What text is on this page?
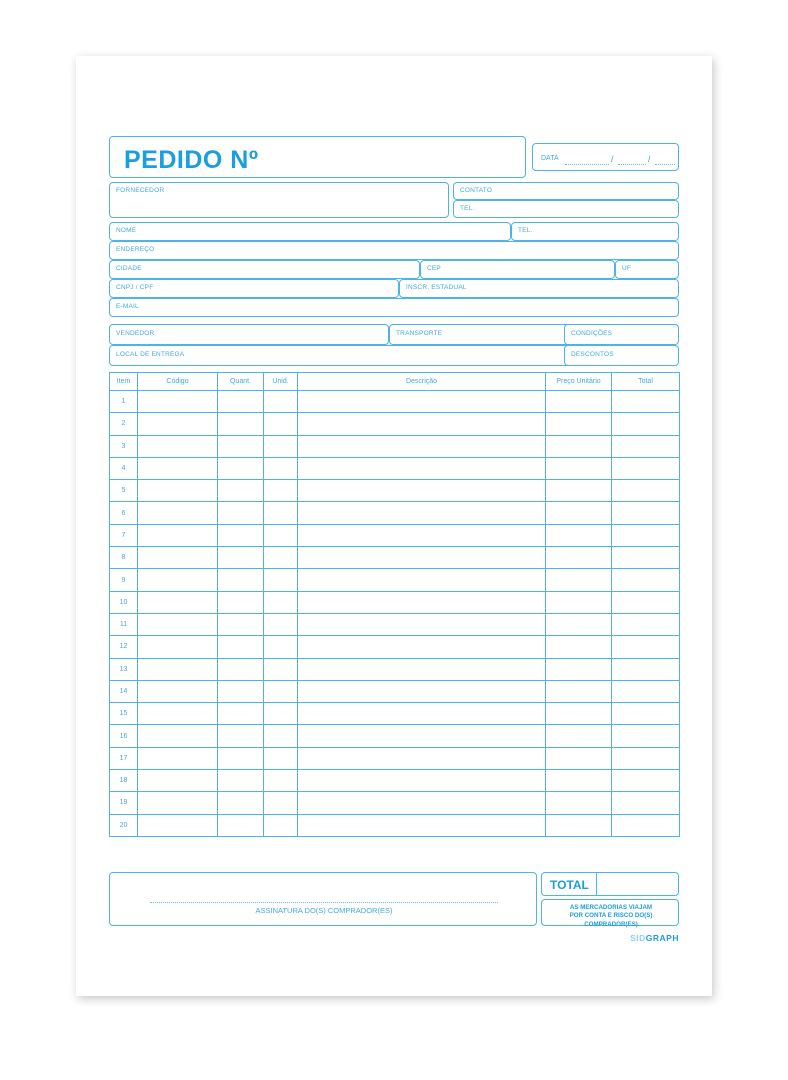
PEDIDO Nº	DATA	/	/
FORNECEDOR	CONTATO
TEL.
NOME	TEL.
ENDEREÇO
CIDADE	CEP	UF
CNPJ / CPF	INSCR. ESTADUAL
E-MAIL
VENDEDOR	TRANSPORTE	CONDIÇÕES
LOCAL DE ENTREGA	DESCONTOS
Item	Código	Quant.	Unid.	Descrição	Preço Unitário	Total
1						
2						
3						
4						
5						
6						
7						
8						
9						
10						
11						
12						
13						
14						
15						
16						
17						
18						
19						
20						
ASSINATURA DO(S) COMPRADOR(ES)
TOTAL
AS MERCADORIAS VIAJAM
POR CONTA E RISCO DO(S)
COMPRADOR(ES)
SIDGRAPH
